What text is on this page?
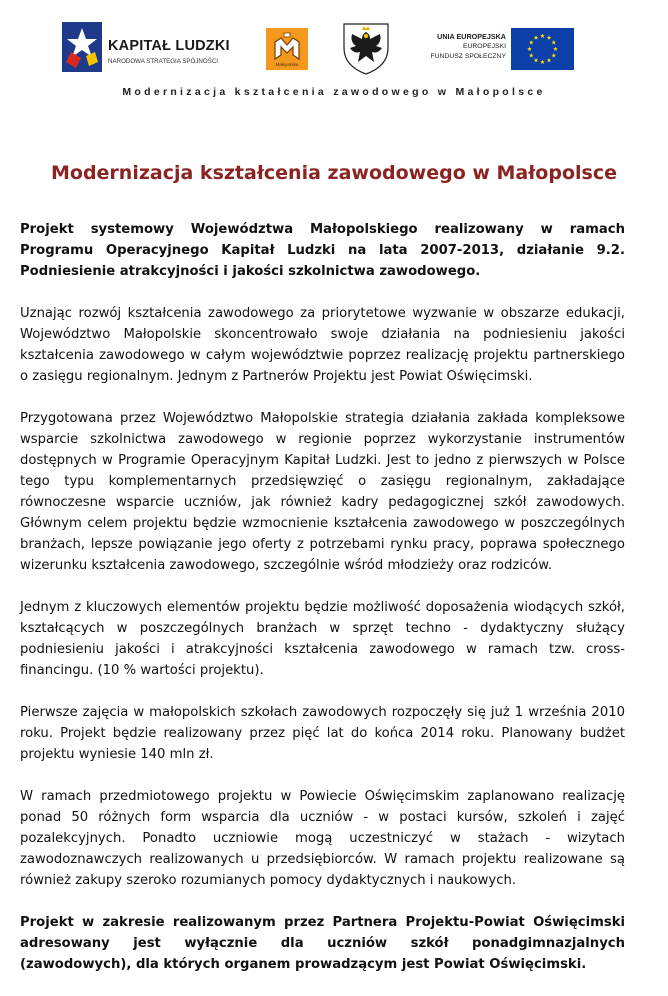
KAPITAŁ LUDZKI
NARODOWA STRATEGIA SPÓJNOŚCI	Małopolska
UNIA EUROPEJSKA
EUROPEJSKI
FUNDUSZ SPOŁECZNY
Modernizacja kształcenia zawodowego w Małopolsce
Modernizacja kształcenia zawodowego w Małopolsce

Projekt systemowy Województwa Małopolskiego realizowany w ramach Programu Operacyjnego Kapitał Ludzki na lata 2007-2013, działanie 9.2. Podniesienie atrakcyjności i jakości szkolnictwa zawodowego.

Uznając rozwój kształcenia zawodowego za priorytetowe wyzwanie w obszarze edukacji, Województwo Małopolskie skoncentrowało swoje działania na podniesieniu jakości kształcenia zawodowego w całym województwie poprzez realizację projektu partnerskiego o zasięgu regionalnym. Jednym z Partnerów Projektu jest Powiat Oświęcimski.

Przygotowana przez Województwo Małopolskie strategia działania zakłada kompleksowe wsparcie szkolnictwa zawodowego w regionie poprzez wykorzystanie instrumentów dostępnych w Programie Operacyjnym Kapitał Ludzki. Jest to jedno z pierwszych w Polsce tego typu komplementarnych przedsięwzięć o zasięgu regionalnym, zakładające równoczesne wsparcie uczniów, jak również kadry pedagogicznej szkół zawodowych. Głównym celem projektu będzie wzmocnienie kształcenia zawodowego w poszczególnych branżach, lepsze powiązanie jego oferty z potrzebami rynku pracy, poprawa społecznego wizerunku kształcenia zawodowego, szczególnie wśród młodzieży oraz rodziców.

Jednym z kluczowych elementów projektu będzie możliwość doposażenia wiodących szkół, kształcących w poszczególnych branżach w sprzęt techno - dydaktyczny służący podniesieniu jakości i atrakcyjności kształcenia zawodowego w ramach tzw. cross-financingu. (10 % wartości projektu).

Pierwsze zajęcia w małopolskich szkołach zawodowych rozpoczęły się już 1 września 2010 roku. Projekt będzie realizowany przez pięć lat do końca 2014 roku. Planowany budżet projektu wyniesie 140 mln zł.

W ramach przedmiotowego projektu w Powiecie Oświęcimskim zaplanowano realizację ponad 50 różnych form wsparcia dla uczniów - w postaci kursów, szkoleń i zajęć pozalekcyjnych. Ponadto uczniowie mogą uczestniczyć w stażach - wizytach zawodoznawczych realizowanych u przedsiębiorców. W ramach projektu realizowane są również zakupy szeroko rozumianych pomocy dydaktycznych i naukowych.

Projekt w zakresie realizowanym przez Partnera Projektu-Powiat Oświęcimski adresowany jest wyłącznie dla uczniów szkół ponadgimnazjalnych (zawodowych), dla których organem prowadzącym jest Powiat Oświęcimski.
